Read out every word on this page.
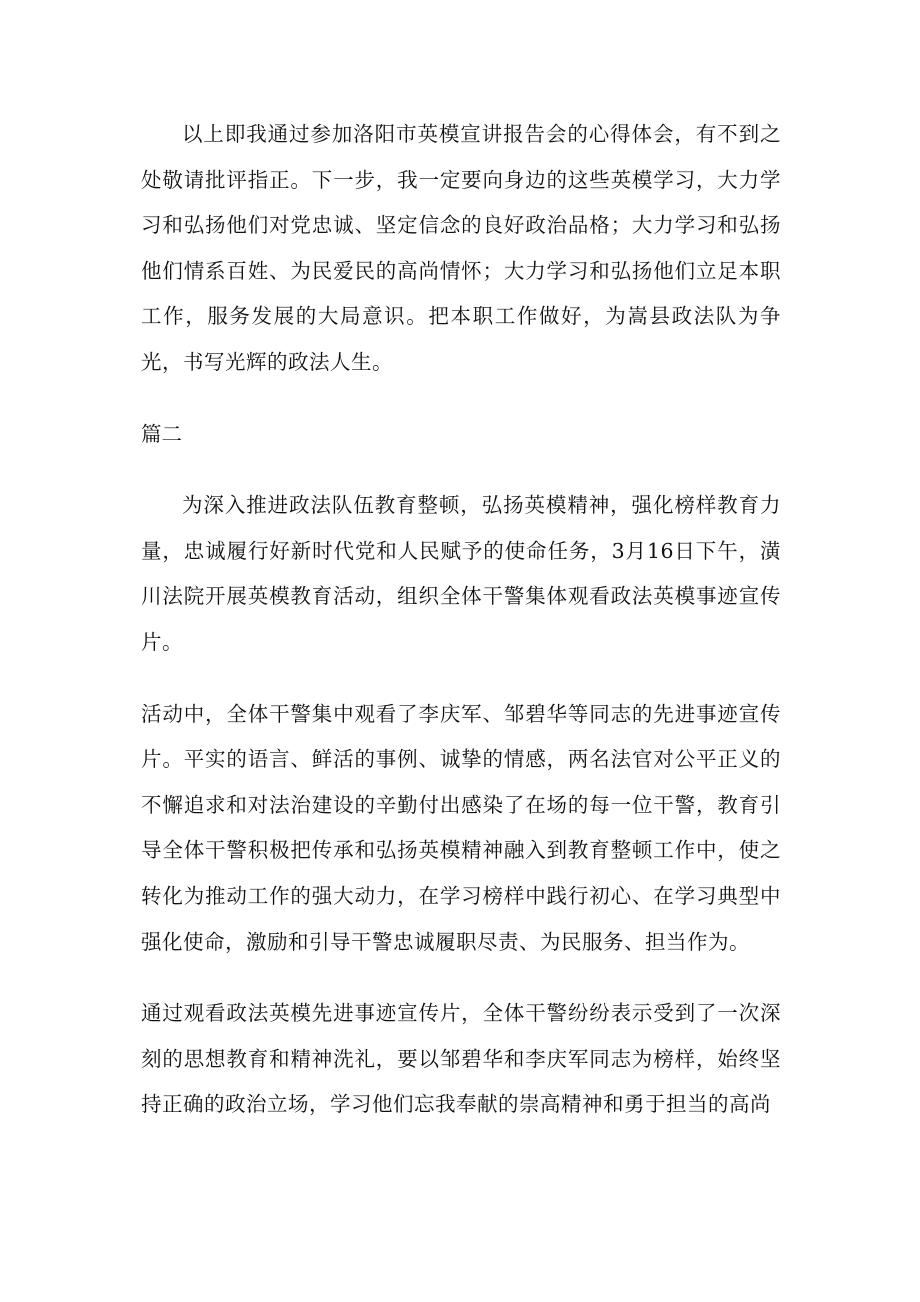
以上即我通过参加洛阳市英模宣讲报告会的心得体会，有不到之处敬请批评指正。下一步，我一定要向身边的这些英模学习，大力学习和弘扬他们对党忠诚、坚定信念的良好政治品格；大力学习和弘扬他们情系百姓、为民爱民的高尚情怀；大力学习和弘扬他们立足本职工作，服务发展的大局意识。把本职工作做好，为嵩县政法队为争光，书写光辉的政法人生。

篇二

为深入推进政法队伍教育整顿，弘扬英模精神，强化榜样教育力量，忠诚履行好新时代党和人民赋予的使命任务，3月16日下午，潢川法院开展英模教育活动，组织全体干警集体观看政法英模事迹宣传片。

活动中，全体干警集中观看了李庆军、邹碧华等同志的先进事迹宣传片。平实的语言、鲜活的事例、诚挚的情感，两名法官对公平正义的不懈追求和对法治建设的辛勤付出感染了在场的每一位干警，教育引导全体干警积极把传承和弘扬英模精神融入到教育整顿工作中，使之转化为推动工作的强大动力，在学习榜样中践行初心、在学习典型中强化使命，激励和引导干警忠诚履职尽责、为民服务、担当作为。

通过观看政法英模先进事迹宣传片，全体干警纷纷表示受到了一次深刻的思想教育和精神洗礼，要以邹碧华和李庆军同志为榜样，始终坚持正确的政治立场，学习他们忘我奉献的崇高精神和勇于担当的高尚
